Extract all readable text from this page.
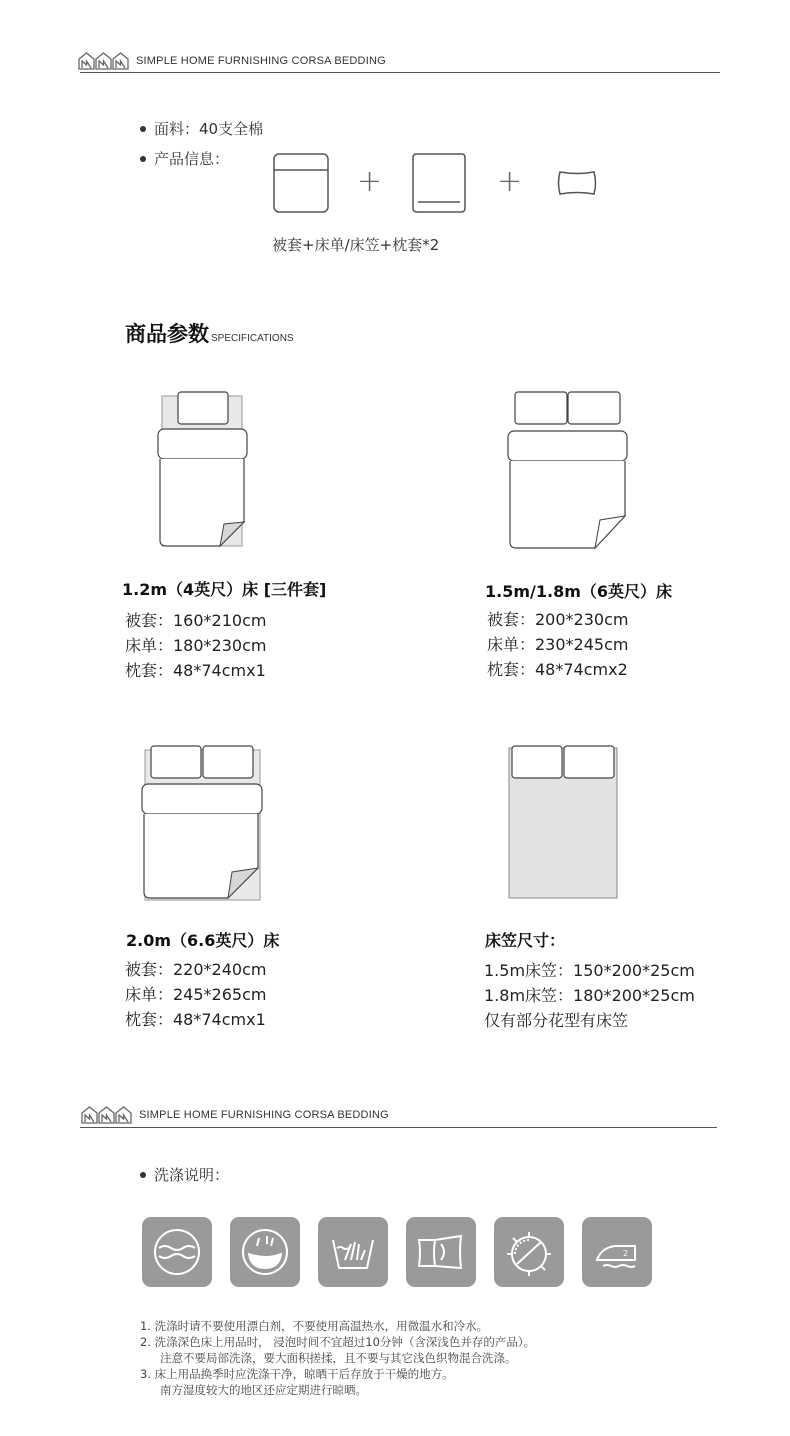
SIMPLE HOME FURNISHING CORSA BEDDING
面料：40支全棉
产品信息：
+	+
被套+床单/床笠+枕套*2
商品参数 SPECIFICATIONS
1.2m（4英尺）床 [三件套]
被套：160*210cm
床单：180*230cm
枕套：48*74cmx1
1.5m/1.8m（6英尺）床
被套：200*230cm
床单：230*245cm
枕套：48*74cmx2
2.0m（6.6英尺）床
被套：220*240cm
床单：245*265cm
枕套：48*74cmx1
床笠尺寸：
1.5m床笠：150*200*25cm
1.8m床笠：180*200*25cm
仅有部分花型有床笠
SIMPLE HOME FURNISHING CORSA BEDDING
洗涤说明：
2
1. 洗涤时请不要使用漂白剂，不要使用高温热水，用微温水和冷水。
2. 洗涤深色床上用品时， 浸泡时间不宜超过10分钟（含深浅色并存的产品）。
注意不要局部洗涤，要大面积搓揉，且不要与其它浅色织物混合洗涤。
3. 床上用品换季时应洗涤干净，晾晒干后存放于干燥的地方。
南方湿度较大的地区还应定期进行晾晒。
